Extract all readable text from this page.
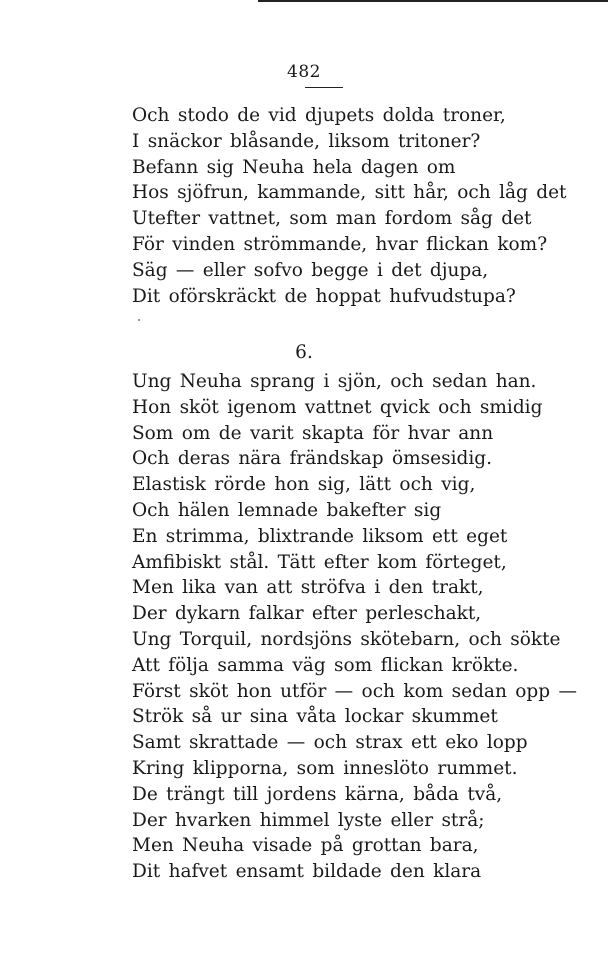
482
Och stodo de vid djupets dolda troner,
I snäckor blåsande, liksom tritoner?
Befann sig Neuha hela dagen om
Hos sjöfrun, kammande, sitt hår, och låg det
Utefter vattnet, som man fordom såg det
För vinden strömmande, hvar flickan kom?
Säg — eller sofvo begge i det djupa,
Dit oförskräckt de hoppat hufvudstupa?
6.
Ung Neuha sprang i sjön, och sedan han.
Hon sköt igenom vattnet qvick och smidig
Som om de varit skapta för hvar ann
Och deras nära frändskap ömsesidig.
Elastisk rörde hon sig, lätt och vig,
Och hälen lemnade bakefter sig
En strimma, blixtrande liksom ett eget
Amfibiskt stål. Tätt efter kom förteget,
Men lika van att ströfva i den trakt,
Der dykarn falkar efter perleschakt,
Ung Torquil, nordsjöns skötebarn, och sökte
Att följa samma väg som flickan krökte.
Först sköt hon utför — och kom sedan opp —
Strök så ur sina våta lockar skummet
Samt skrattade — och strax ett eko lopp
Kring klipporna, som inneslöto rummet.
De trängt till jordens kärna, båda två,
Der hvarken himmel lyste eller strå;
Men Neuha visade på grottan bara,
Dit hafvet ensamt bildade den klara
